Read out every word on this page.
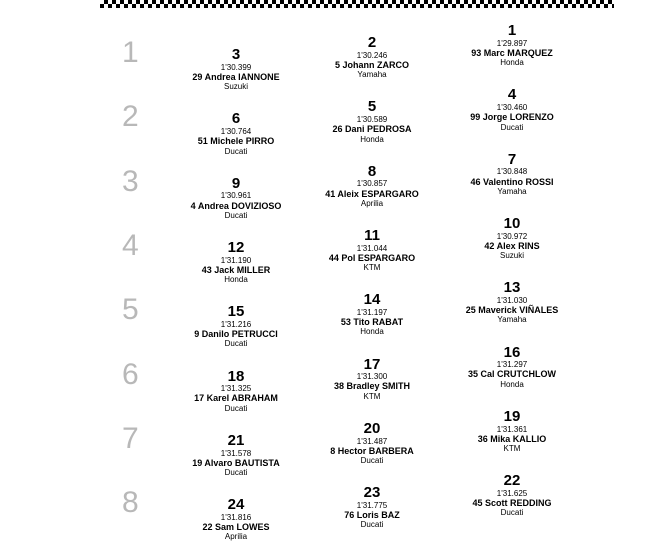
1	3
1'30.399
29 Andrea IANNONE
Suzuki
2
1'30.246
5 Johann ZARCO
Yamaha
1
1'29.897
93 Marc MARQUEZ
Honda
2	6
1'30.764
51 Michele PIRRO
Ducati
5
1'30.589
26 Dani PEDROSA
Honda
4
1'30.460
99 Jorge LORENZO
Ducati
3	9
1'30.961
4 Andrea DOVIZIOSO
Ducati
8
1'30.857
41 Aleix ESPARGARO
Aprilia
7
1'30.848
46 Valentino ROSSI
Yamaha
4	12
1'31.190
43 Jack MILLER
Honda
11
1'31.044
44 Pol ESPARGARO
KTM
10
1'30.972
42 Alex RINS
Suzuki
5	15
1'31.216
9 Danilo PETRUCCI
Ducati
14
1'31.197
53 Tito RABAT
Honda
13
1'31.030
25 Maverick VIÑALES
Yamaha
6	18
1'31.325
17 Karel ABRAHAM
Ducati
17
1'31.300
38 Bradley SMITH
KTM
16
1'31.297
35 Cal CRUTCHLOW
Honda
7	21
1'31.578
19 Alvaro BAUTISTA
Ducati
20
1'31.487
8 Hector BARBERA
Ducati
19
1'31.361
36 Mika KALLIO
KTM
8	24
1'31.816
22 Sam LOWES
Aprilia
23
1'31.775
76 Loris BAZ
Ducati
22
1'31.625
45 Scott REDDING
Ducati
